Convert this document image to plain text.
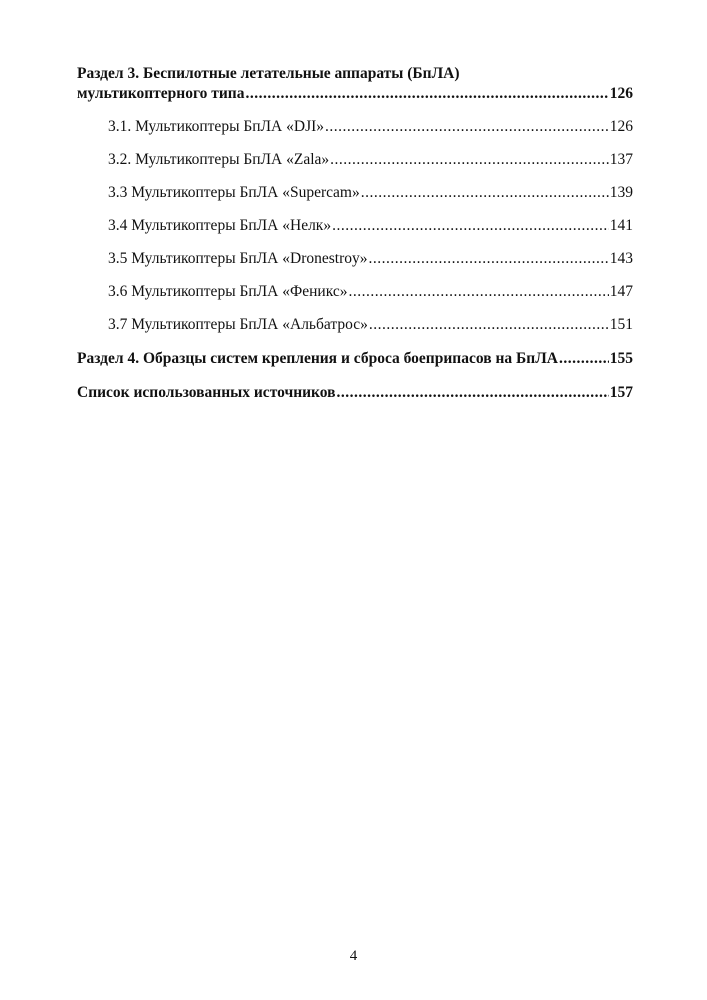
Раздел 3. Беспилотные летательные аппараты (БпЛА)
мультикоптерного типа .....	126
3.1. Мультикоптеры БпЛА «DJI» .....	126
3.2. Мультикоптеры БпЛА «Zala» .....	137
3.3 Мультикоптеры БпЛА «Supercam» .....	139
3.4 Мультикоптеры БпЛА «Нелк» .....	141
3.5 Мультикоптеры БпЛА «Dronestroy» .....	143
3.6 Мультикоптеры БпЛА «Феникс» .....	147
3.7 Мультикоптеры БпЛА «Альбатрос» .....	151
Раздел 4. Образцы систем крепления и сброса боеприпасов на БпЛА .....	155
Список использованных источников .....	157
4
